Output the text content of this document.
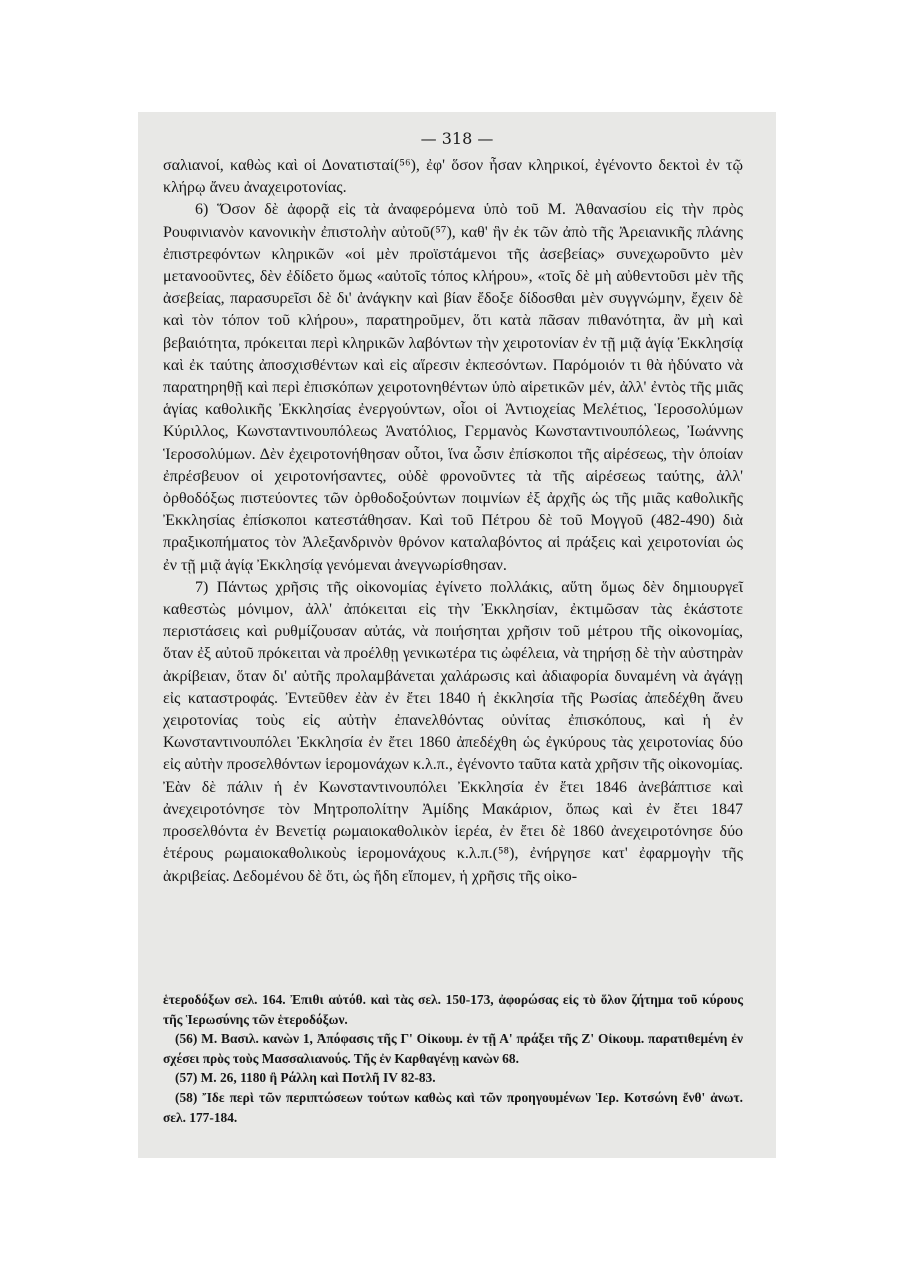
— 318 —

σαλιανοί, καθὼς καὶ οἱ Δονατισταί(⁵⁶), ἐφ' ὅσον ἦσαν κληρικοί, ἐγένοντο δεκτοὶ ἐν τῷ κλήρῳ ἄνευ ἀναχειροτονίας.

6) Ὅσον δὲ ἀφορᾷ εἰς τὰ ἀναφερόμενα ὑπὸ τοῦ Μ. Ἀθανασίου εἰς τὴν πρὸς Ρουφινιανὸν κανονικὴν ἐπιστολὴν αὐτοῦ(⁵⁷), καθ' ἣν ἐκ τῶν ἀπὸ τῆς Ἀρειανικῆς πλάνης ἐπιστρεφόντων κληρικῶν «οἱ μὲν προϊστάμενοι τῆς ἀσεβείας» συνεχωροῦντο μὲν μετανοοῦντες, δὲν ἐδίδετο ὅμως «αὐτοῖς τόπος κλήρου», «τοῖς δὲ μὴ αὐθεντοῦσι μὲν τῆς ἀσεβείας, παρασυρεῖσι δὲ δι' ἀνάγκην καὶ βίαν ἔδοξε δίδοσθαι μὲν συγγνώμην, ἔχειν δὲ καὶ τὸν τόπον τοῦ κλήρου», παρατηροῦμεν, ὅτι κατὰ πᾶσαν πιθανότητα, ἂν μὴ καὶ βεβαιότητα, πρόκειται περὶ κληρικῶν λαβόντων τὴν χειροτονίαν ἐν τῇ μιᾷ ἁγίᾳ Ἐκκλησίᾳ καὶ ἐκ ταύτης ἀποσχισθέντων καὶ εἰς αἵρεσιν ἐκπεσόντων. Παρόμοιόν τι θὰ ἠδύνατο νὰ παρατηρηθῇ καὶ περὶ ἐπισκόπων χειροτονηθέντων ὑπὸ αἱρετικῶν μέν, ἀλλ' ἐντὸς τῆς μιᾶς ἁγίας καθολικῆς Ἐκκλησίας ἐνεργούντων, οἷοι οἱ Ἀντιοχείας Μελέτιος, Ἱεροσολύμων Κύριλλος, Κωνσταντινουπόλεως Ἀνατόλιος, Γερμανὸς Κωνσταντινουπόλεως, Ἰωάννης Ἱεροσολύμων. Δὲν ἐχειροτονήθησαν οὗτοι, ἵνα ὦσιν ἐπίσκοποι τῆς αἱρέσεως, τὴν ὁποίαν ἐπρέσβευον οἱ χειροτονήσαντες, οὐδὲ φρονοῦντες τὰ τῆς αἱρέσεως ταύτης, ἀλλ' ὀρθοδόξως πιστεύοντες τῶν ὀρθοδοξούντων ποιμνίων ἐξ ἀρχῆς ὡς τῆς μιᾶς καθολικῆς Ἐκκλησίας ἐπίσκοποι κατεστάθησαν. Καὶ τοῦ Πέτρου δὲ τοῦ Μογγοῦ (482-490) διὰ πραξικοπήματος τὸν Ἀλεξανδρινὸν θρόνον καταλαβόντος αἱ πράξεις καὶ χειροτονίαι ὡς ἐν τῇ μιᾷ ἁγίᾳ Ἐκκλησίᾳ γενόμεναι ἀνεγνωρίσθησαν.

7) Πάντως χρῆσις τῆς οἰκονομίας ἐγίνετο πολλάκις, αὕτη ὅμως δὲν δημιουργεῖ καθεστὼς μόνιμον, ἀλλ' ἀπόκειται εἰς τὴν Ἐκκλησίαν, ἐκτιμῶσαν τὰς ἑκάστοτε περιστάσεις καὶ ρυθμίζουσαν αὐτάς, νὰ ποιήσηται χρῆσιν τοῦ μέτρου τῆς οἰκονομίας, ὅταν ἐξ αὐτοῦ πρόκειται νὰ προέλθῃ γενικωτέρα τις ὠφέλεια, νὰ τηρήσῃ δὲ τὴν αὐστηρὰν ἀκρίβειαν, ὅταν δι' αὐτῆς προλαμβάνεται χαλάρωσις καὶ ἀδιαφορία δυναμένη νὰ ἀγάγῃ εἰς καταστροφάς. Ἐντεῦθεν ἐὰν ἐν ἔτει 1840 ἡ ἐκκλησία τῆς Ρωσίας ἀπεδέχθη ἄνευ χειροτονίας τοὺς εἰς αὐτὴν ἐπανελθόντας οὐνίτας ἐπισκόπους, καὶ ἡ ἐν Κωνσταντινουπόλει Ἐκκλησία ἐν ἔτει 1860 ἀπεδέχθη ὡς ἐγκύρους τὰς χειροτονίας δύο εἰς αὐτὴν προσελθόντων ἱερομονάχων κ.λ.π., ἐγένοντο ταῦτα κατὰ χρῆσιν τῆς οἰκονομίας. Ἐὰν δὲ πάλιν ἡ ἐν Κωνσταντινουπόλει Ἐκκλησία ἐν ἔτει 1846 ἀνεβάπτισε καὶ ἀνεχειροτόνησε τὸν Μητροπολίτην Ἀμίδης Μακάριον, ὅπως καὶ ἐν ἔτει 1847 προσελθόντα ἐν Βενετίᾳ ρωμαιοκαθολικὸν ἱερέα, ἐν ἔτει δὲ 1860 ἀνεχειροτόνησε δύο ἑτέρους ρωμαιοκαθολικοὺς ἱερομονάχους κ.λ.π.(⁵⁸), ἐνήργησε κατ' ἐφαρμογὴν τῆς ἀκριβείας. Δεδομένου δὲ ὅτι, ὡς ἤδη εἴπομεν, ἡ χρῆσις τῆς οἰκο-

ἑτεροδόξων σελ. 164. Ἐπιθι αὐτόθ. καὶ τὰς σελ. 150-173, ἀφορώσας εἰς τὸ ὅλον ζήτημα τοῦ κύρους τῆς Ἱερωσύνης τῶν ἑτεροδόξων.

(56) Μ. Βασιλ. κανὼν 1, Ἀπόφασις τῆς Γ' Οἰκουμ. ἐν τῇ Α' πράξει τῆς Ζ' Οἰκουμ. παρατιθεμένη ἐν σχέσει πρὸς τοὺς Μασσαλιανούς. Τῆς ἐν Καρθαγένῃ κανὼν 68.

(57) Μ. 26, 1180 ἢ Ράλλη καὶ Ποτλῆ IV 82-83.

(58) Ἴδε περὶ τῶν περιπτώσεων τούτων καθὼς καὶ τῶν προηγουμένων Ἱερ. Κοτσώνη ἔνθ' ἀνωτ. σελ. 177-184.
